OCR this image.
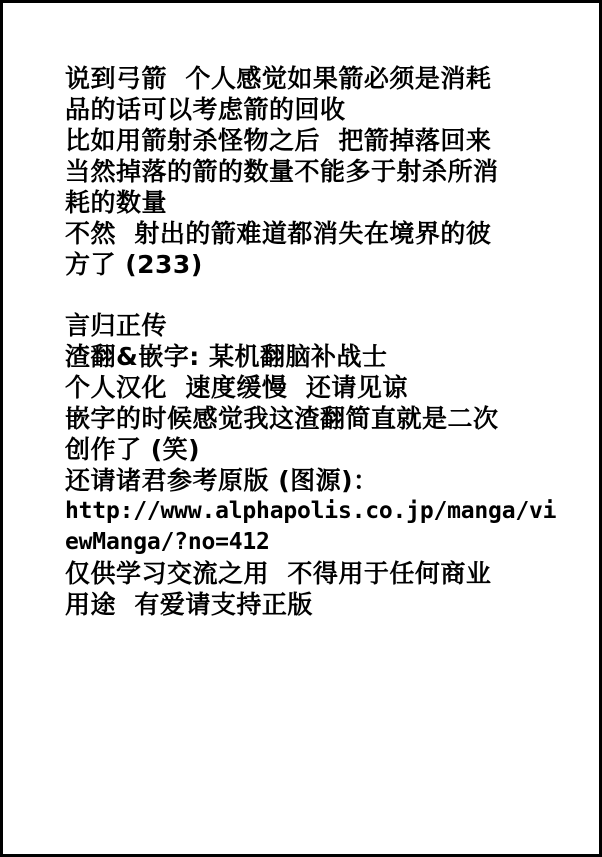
说到弓箭  个人感觉如果箭必须是消耗
品的话可以考虑箭的回收
比如用箭射杀怪物之后  把箭掉落回来
当然掉落的箭的数量不能多于射杀所消
耗的数量
不然  射出的箭难道都消失在境界的彼
方了 (233)
言归正传
渣翻&嵌字: 某机翻脑补战士
个人汉化  速度缓慢  还请见谅
嵌字的时候感觉我这渣翻简直就是二次
创作了 (笑)
还请诸君参考原版 (图源)：
http://www.alphapolis.co.jp/manga/vi
ewManga/?no=412
仅供学习交流之用  不得用于任何商业
用途  有爱请支持正版
